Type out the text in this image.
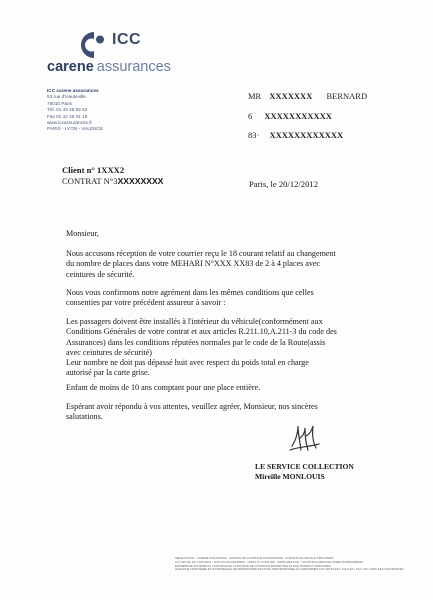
ICC
carene assurances
ICC carene assurances
53 rue d'Hauteville
75010 Paris
Tél. 01 42 46 52 52
Fax 01 42 46 31 19
www.iccassurances.fr
PARIS - LYON - VALENCE
MR XXXXXXX BERNARD
6 XXXXXXXXXXX
83· XXXXXXXXXXXX
Client n° 1XXX2
CONTRAT N°3XXXXXXXX	Paris, le 20/12/2012
Monsieur,
Nous accusons réception de votre courrier reçu le 18 courant relatif au changement
du nombre de places dans votre MEHARI N°XXX XX83 de 2 à 4 places avec
ceintures de sécurité.
Nous vous confirmons notre agrément dans les mêmes conditions que celles
consenties par votre précédent assureur à savoir :
Les passagers doivent être installés à l'intérieur du véhicule(conformément aux
Conditions Générales de votre contrat et aux articles R.211.10,A.211-3 du code des
Assurances) dans les conditions réputées normales par le code de la Route(assis
avec ceintures de sécurité)
Leur nombre ne doit pas dépassé huit avec respect du poids total en charge
autorisé par la carte grise.
Enfant de moins de 10 ans comptant pour une place entière.
Espérant avoir répondu à vos attentes, veuillez agréer, Monsieur, nos sincères
salutations.
LE SERVICE COLLECTION
Mireille MONLOUIS
SIEGE SOCIAL : CARENE ASSURANCE - SOCIETE DE COURTAGE D'ASSURANCE - 53 RUE D'HAUTEVILLE 75010 PARIS
AU CAPITAL DE 7 500 000 € - RCS 344 284 835 PARIS - ORIAS N° 07 000 469 - WWW.ORIAS.FR - TVA INTRACOMMUNAUTAIRE FR 88344284835
ENTREPRISE SOUMISE AU CONTROLE DE L'AUTORITE DE CONTROLE PRUDENTIEL 61 RUE TAITBOUT 75009 PARIS
GARANTIE FINANCIERE ET D'ASSURANCE DE RESPONSABILITE CIVILE PROFESSIONNELLE CONFORMES AUX ARTICLES L 512-6 ET L 512-7 DU CODE DES ASSURANCES
